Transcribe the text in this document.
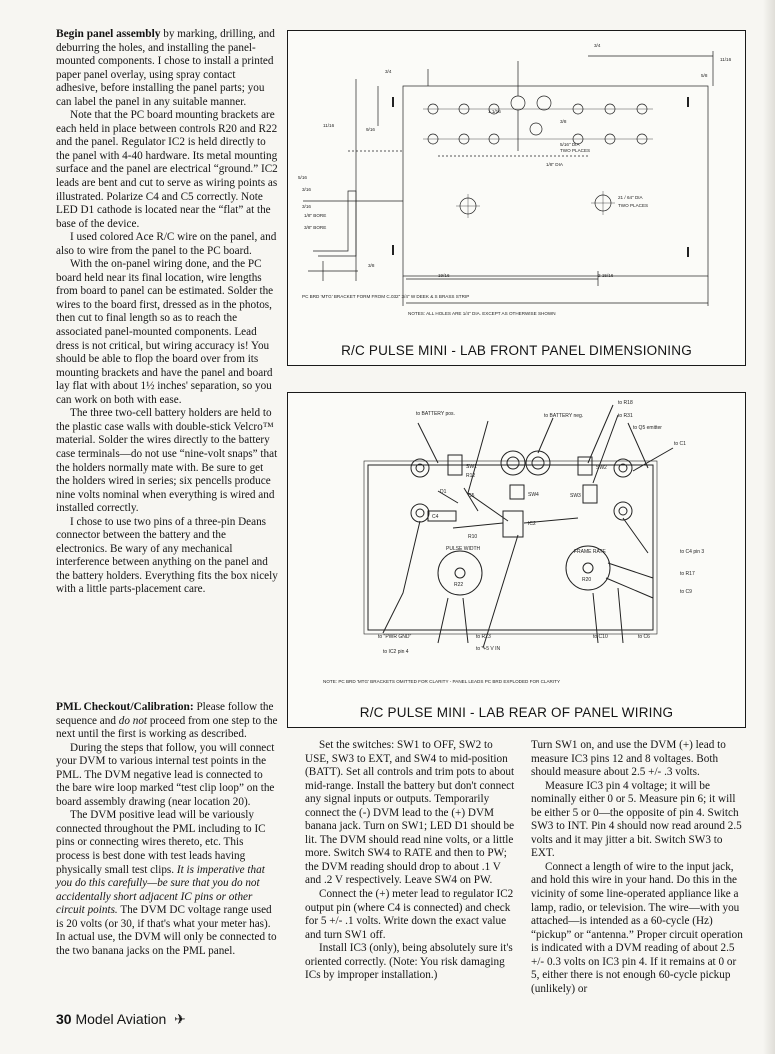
Begin panel assembly by marking, drilling, and deburring the holes, and installing the panel-mounted components. I chose to install a printed paper panel overlay, using spray contact adhesive, before installing the panel parts; you can label the panel in any suitable manner.

Note that the PC board mounting brackets are each held in place between controls R20 and R22 and the panel. Regulator IC2 is held directly to the panel with 4-40 hardware. Its metal mounting surface and the panel are electrical “ground.” IC2 leads are bent and cut to serve as wiring points as illustrated. Polarize C4 and C5 correctly. Note LED D1 cathode is located near the “flat” at the base of the device.

I used colored Ace R/C wire on the panel, and also to wire from the panel to the PC board.

With the on-panel wiring done, and the PC board held near its final location, wire lengths from board to panel can be estimated. Solder the wires to the board first, dressed as in the photos, then cut to final length so as to reach the associated panel-mounted components. Lead dress is not critical, but wiring accuracy is! You should be able to flop the board over from its mounting brackets and have the panel and board lay flat with about 1½ inches' separation, so you can work on both with ease.

The three two-cell battery holders are held to the plastic case walls with double-stick Velcro™ material. Solder the wires directly to the battery case terminals—do not use “nine-volt snaps” that the holders normally mate with. Be sure to get the holders wired in series; six pencells produce nine volts nominal when everything is wired and installed correctly.

I chose to use two pins of a three-pin Deans connector between the battery and the electronics. Be wary of any mechanical interference between anything on the panel and the battery holders. Everything fits the box nicely with a little parts-placement care.

PML Checkout/Calibration: Please follow the sequence and do not proceed from one step to the next until the first is working as described.

During the steps that follow, you will connect your DVM to various internal test points in the PML. The DVM negative lead is connected to the bare wire loop marked “test clip loop” on the board assembly drawing (near location 20).

The DVM positive lead will be variously connected throughout the PML including to IC pins or connecting wires thereto, etc. This process is best done with test leads having physically small test clips. It is imperative that you do this carefully—be sure that you do not accidentally short adjacent IC pins or other circuit points. The DVM DC voltage range used is 20 volts (or 30, if that's what your meter has). In actual use, the DVM will only be connected to the two banana jacks on the PML panel.

Set the switches: SW1 to OFF, SW2 to USE, SW3 to EXT, and SW4 to mid-position (BATT). Set all controls and trim pots to about mid-range. Install the battery but don't connect any signal inputs or outputs. Temporarily connect the (-) DVM lead to the (+) DVM banana jack. Turn on SW1; LED D1 should be lit. The DVM should read nine volts, or a little more. Switch SW4 to RATE and then to PW; the DVM reading should drop to about .1 V and .2 V respectively. Leave SW4 on PW.

Connect the (+) meter lead to regulator IC2 output pin (where C4 is connected) and check for 5 +/- .1 volts. Write down the exact value and turn SW1 off.

Install IC3 (only), being absolutely sure it's oriented correctly. (Note: You risk damaging ICs by improper installation.)

Turn SW1 on, and use the DVM (+) lead to measure IC3 pins 12 and 8 voltages. Both should measure about 2.5 +/- .3 volts.

Measure IC3 pin 4 voltage; it will be nominally either 0 or 5. Measure pin 6; it will be either 5 or 0—the opposite of pin 4. Switch SW3 to INT. Pin 4 should now read around 2.5 volts and it may jitter a bit. Switch SW3 to EXT.

Connect a length of wire to the input jack, and hold this wire in your hand. Do this in the vicinity of some line-operated appliance like a lamp, radio, or television. The wire—with you attached—is intended as a 60-cycle (Hz) “pickup” or “antenna.” Proper circuit operation is indicated with a DVM reading of about 2.5 +/- 0.3 volts on IC3 pin 4. If it remains at 0 or 5, either there is not enough 60-cycle pickup (unlikely) or

3/4
3/4
11/16
5/8
9/16
1 1/16
3/8
5/16
3/8
11/16
19/16	2 15/16
3/16
3/16
5/16" DIA
TWO PLACES
1/8" DIA
21 / 64" DIA
TWO PLACES
1/8" BORE
3/8" BORE
PC BRD 'MTG' BRACKET FORM FROM C.032" 3/4" W DEEK & S BRASS STRIP
NOTES: ALL HOLES ARE 1/4" DIA. EXCEPT AS OTHERWISE SHOWN
R/C PULSE MINI - LAB FRONT PANEL DIMENSIONING
to BATTERY pos.	to BATTERY neg.
to R18
to R31
to Q5 emitter
to C1
SW1
R12
SW2
SW3
SW4
D1
C5
C4
R10
IC2
PULSE WIDTH
R22
FRAME RATE
R20
to C4 pin 3
to R17
to C9
to "PWR GND"	to R23
to "+5 V IN
to C10	to C6
to IC2 pin 4
NOTE: PC BRD 'MTG' BRACKETS OMITTED FOR CLARITY - PANEL LEADS PC BRD EXPLODED FOR CLARITY
R/C PULSE MINI - LAB REAR OF PANEL WIRING
30 Model Aviation ✈
